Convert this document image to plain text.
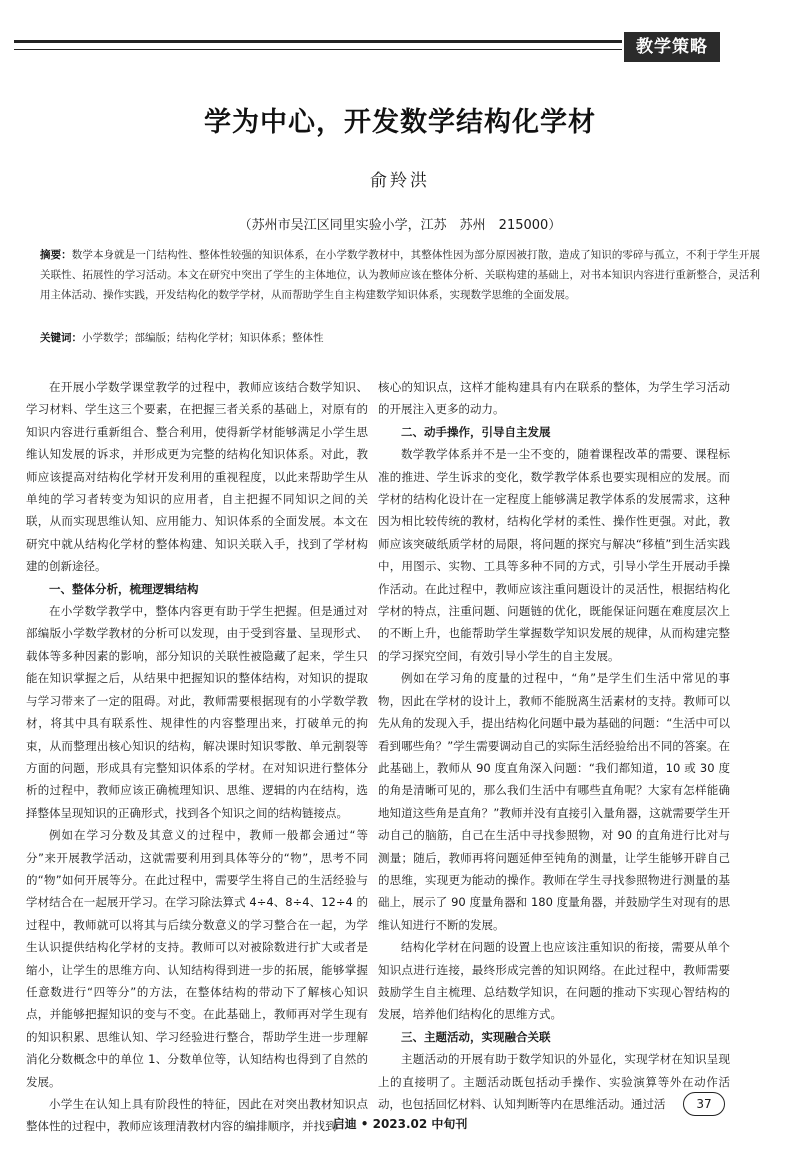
教学策略
学为中心，开发数学结构化学材
俞羚洪
（苏州市吴江区同里实验小学，江苏　苏州　215000）
摘要：数学本身就是一门结构性、整体性较强的知识体系，在小学数学教材中，其整体性因为部分原因被打散，造成了知识的零碎与孤立，不利于学生开展关联性、拓展性的学习活动。本文在研究中突出了学生的主体地位，认为教师应该在整体分析、关联构建的基础上，对书本知识内容进行重新整合，灵活利用主体活动、操作实践，开发结构化的数学学材，从而帮助学生自主构建数学知识体系，实现数学思维的全面发展。
关键词：小学数学；部编版；结构化学材；知识体系；整体性

在开展小学数学课堂教学的过程中，教师应该结合数学知识、学习材料、学生这三个要素，在把握三者关系的基础上，对原有的知识内容进行重新组合、整合利用，使得新学材能够满足小学生思维认知发展的诉求，并形成更为完整的结构化知识体系。对此，教师应该提高对结构化学材开发利用的重视程度，以此来帮助学生从单纯的学习者转变为知识的应用者，自主把握不同知识之间的关联，从而实现思维认知、应用能力、知识体系的全面发展。本文在研究中就从结构化学材的整体构建、知识关联入手，找到了学材构建的创新途径。

一、整体分析，梳理逻辑结构

在小学数学教学中，整体内容更有助于学生把握。但是通过对部编版小学数学教材的分析可以发现，由于受到容量、呈现形式、载体等多种因素的影响，部分知识的关联性被隐藏了起来，学生只能在知识掌握之后，从结果中把握知识的整体结构，对知识的提取与学习带来了一定的阻碍。对此，教师需要根据现有的小学数学教材，将其中具有联系性、规律性的内容整理出来，打破单元的拘束，从而整理出核心知识的结构，解决课时知识零散、单元割裂等方面的问题，形成具有完整知识体系的学材。在对知识进行整体分析的过程中，教师应该正确梳理知识、思维、逻辑的内在结构，选择整体呈现知识的正确形式，找到各个知识之间的结构链接点。

例如在学习分数及其意义的过程中，教师一般都会通过“等分”来开展教学活动，这就需要利用到具体等分的“物”，思考不同的“物”如何开展等分。在此过程中，需要学生将自己的生活经验与学材结合在一起展开学习。在学习除法算式 4÷4、8÷4、12÷4 的过程中，教师就可以将其与后续分数意义的学习整合在一起，为学生认识提供结构化学材的支持。教师可以对被除数进行扩大或者是缩小，让学生的思维方向、认知结构得到进一步的拓展，能够掌握任意数进行“四等分”的方法，在整体结构的带动下了解核心知识点，并能够把握知识的变与不变。在此基础上，教师再对学生现有的知识积累、思维认知、学习经验进行整合，帮助学生进一步理解消化分数概念中的单位 1、分数单位等，认知结构也得到了自然的发展。

小学生在认知上具有阶段性的特征，因此在对突出教材知识点整体性的过程中，教师应该理清教材内容的编排顺序，并找到

核心的知识点，这样才能构建具有内在联系的整体，为学生学习活动的开展注入更多的动力。

二、动手操作，引导自主发展

数学教学体系并不是一尘不变的，随着课程改革的需要、课程标准的推进、学生诉求的变化，数学教学体系也要实现相应的发展。而学材的结构化设计在一定程度上能够满足教学体系的发展需求，这种因为相比较传统的教材，结构化学材的柔性、操作性更强。对此，教师应该突破纸质学材的局限，将问题的探究与解决“移植”到生活实践中，用图示、实物、工具等多种不同的方式，引导小学生开展动手操作活动。在此过程中，教师应该注重问题设计的灵活性，根据结构化学材的特点，注重问题、问题链的优化，既能保证问题在难度层次上的不断上升，也能帮助学生掌握数学知识发展的规律，从而构建完整的学习探究空间，有效引导小学生的自主发展。

例如在学习角的度量的过程中，“角”是学生们生活中常见的事物，因此在学材的设计上，教师不能脱离生活素材的支持。教师可以先从角的发现入手，提出结构化问题中最为基础的问题：“生活中可以看到哪些角？”学生需要调动自己的实际生活经验给出不同的答案。在此基础上，教师从 90 度直角深入问题：“我们都知道，10 或 30 度的角是清晰可见的，那么我们生活中有哪些直角呢？大家有怎样能确地知道这些角是直角？”教师并没有直接引入量角器，这就需要学生开动自己的脑筋，自己在生活中寻找参照物，对 90 的直角进行比对与测量；随后，教师再将问题延伸至钝角的测量，让学生能够开辟自己的思维，实现更为能动的操作。教师在学生寻找参照物进行测量的基础上，展示了 90 度量角器和 180 度量角器，并鼓励学生对现有的思维认知进行不断的发展。

结构化学材在问题的设置上也应该注重知识的衔接，需要从单个知识点进行连接，最终形成完善的知识网络。在此过程中，教师需要鼓励学生自主梳理、总结数学知识，在问题的推动下实现心智结构的发展，培养他们结构化的思维方式。

三、主题活动，实现融合关联

主题活动的开展有助于数学知识的外显化，实现学材在知识呈现上的直接明了。主题活动既包括动手操作、实验演算等外在动作活动，也包括回忆材料、认知判断等内在思维活动。通过活

启迪 • 2023.02 中旬刊
37
